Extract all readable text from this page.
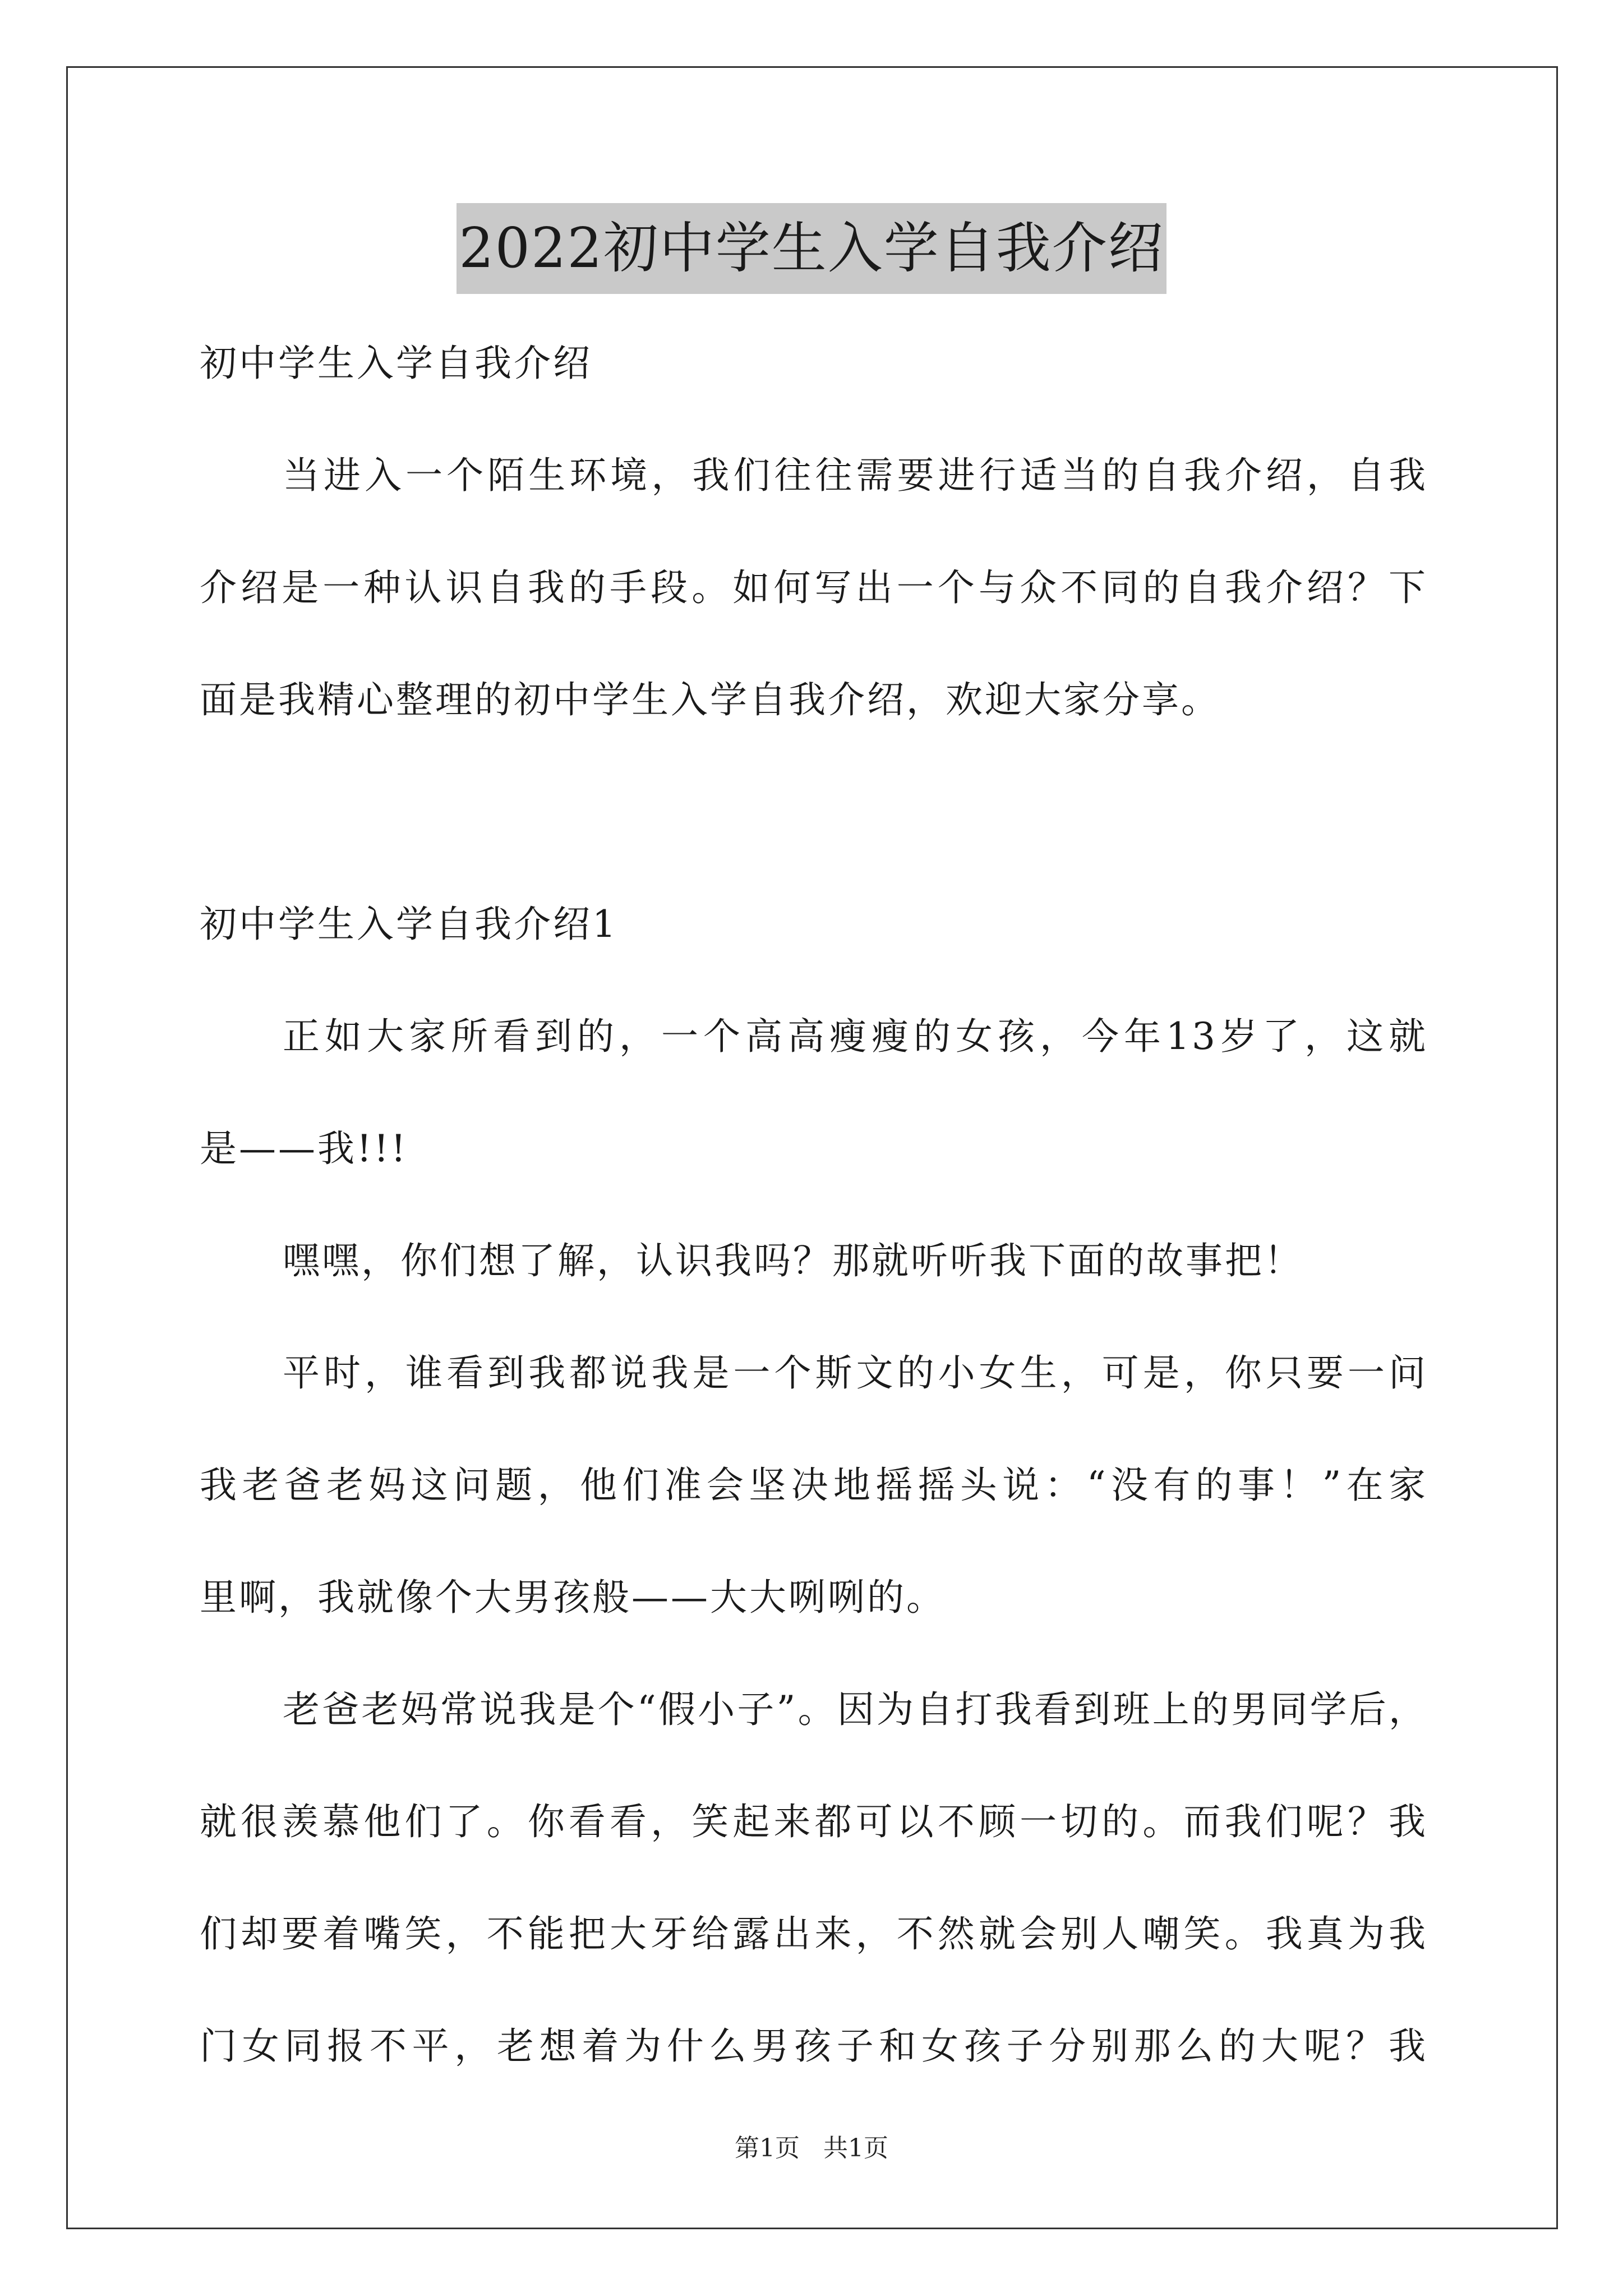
2022初中学生入学自我介绍
初中学生入学自我介绍
当进入一个陌生环境，我们往往需要进行适当的自我介绍，自我
介绍是一种认识自我的手段。如何写出一个与众不同的自我介绍？下
面是我精心整理的初中学生入学自我介绍，欢迎大家分享。
初中学生入学自我介绍1
正如大家所看到的，一个高高瘦瘦的女孩，今年13岁了，这就
是——我!!!
嘿嘿，你们想了解，认识我吗？那就听听我下面的故事把！
平时，谁看到我都说我是一个斯文的小女生，可是，你只要一问
我老爸老妈这问题，他们准会坚决地摇摇头说：“没有的事！”在家
里啊，我就像个大男孩般——大大咧咧的。
老爸老妈常说我是个“假小子”。因为自打我看到班上的男同学后，
就很羡慕他们了。你看看，笑起来都可以不顾一切的。而我们呢？我
们却要着嘴笑，不能把大牙给露出来，不然就会别人嘲笑。我真为我
门女同报不平，老想着为什么男孩子和女孩子分别那么的大呢？我
第1页   共1页
